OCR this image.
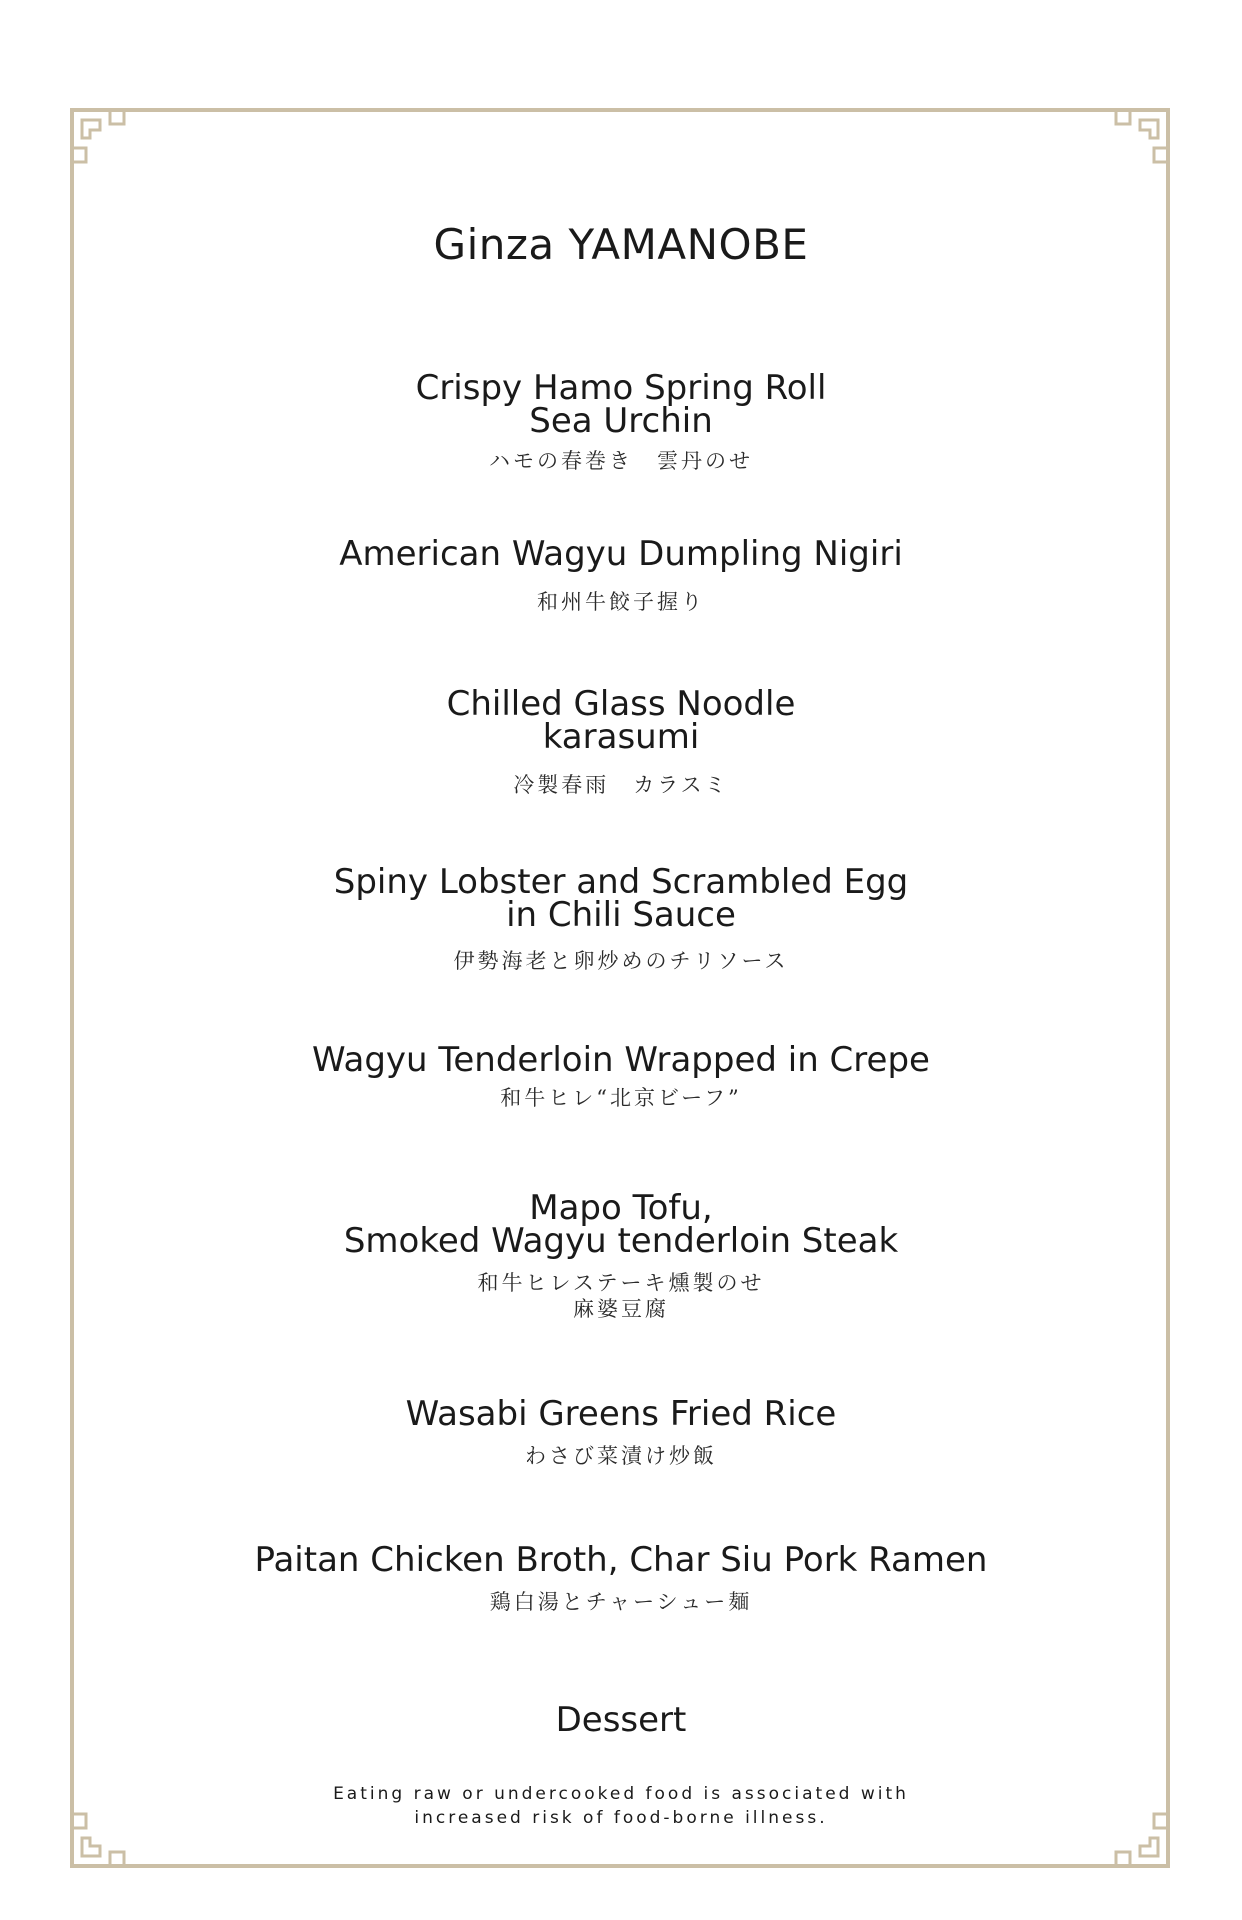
Ginza YAMANOBE
Crispy Hamo Spring Roll
Sea Urchin
ハモの春巻き　雲丹のせ
American Wagyu Dumpling Nigiri
和州牛餃子握り
Chilled Glass Noodle
karasumi
冷製春雨　カラスミ
Spiny Lobster and Scrambled Egg
in Chili Sauce
伊勢海老と卵炒めのチリソース
Wagyu Tenderloin Wrapped in Crepe
和牛ヒレ“北京ビーフ”
Mapo Tofu,
Smoked Wagyu tenderloin Steak
和牛ヒレステーキ燻製のせ
麻婆豆腐
Wasabi Greens Fried Rice
わさび菜漬け炒飯
Paitan Chicken Broth, Char Siu Pork Ramen
鶏白湯とチャーシュー麺
Dessert
Eating raw or undercooked food is associated with
increased risk of food-borne illness.
